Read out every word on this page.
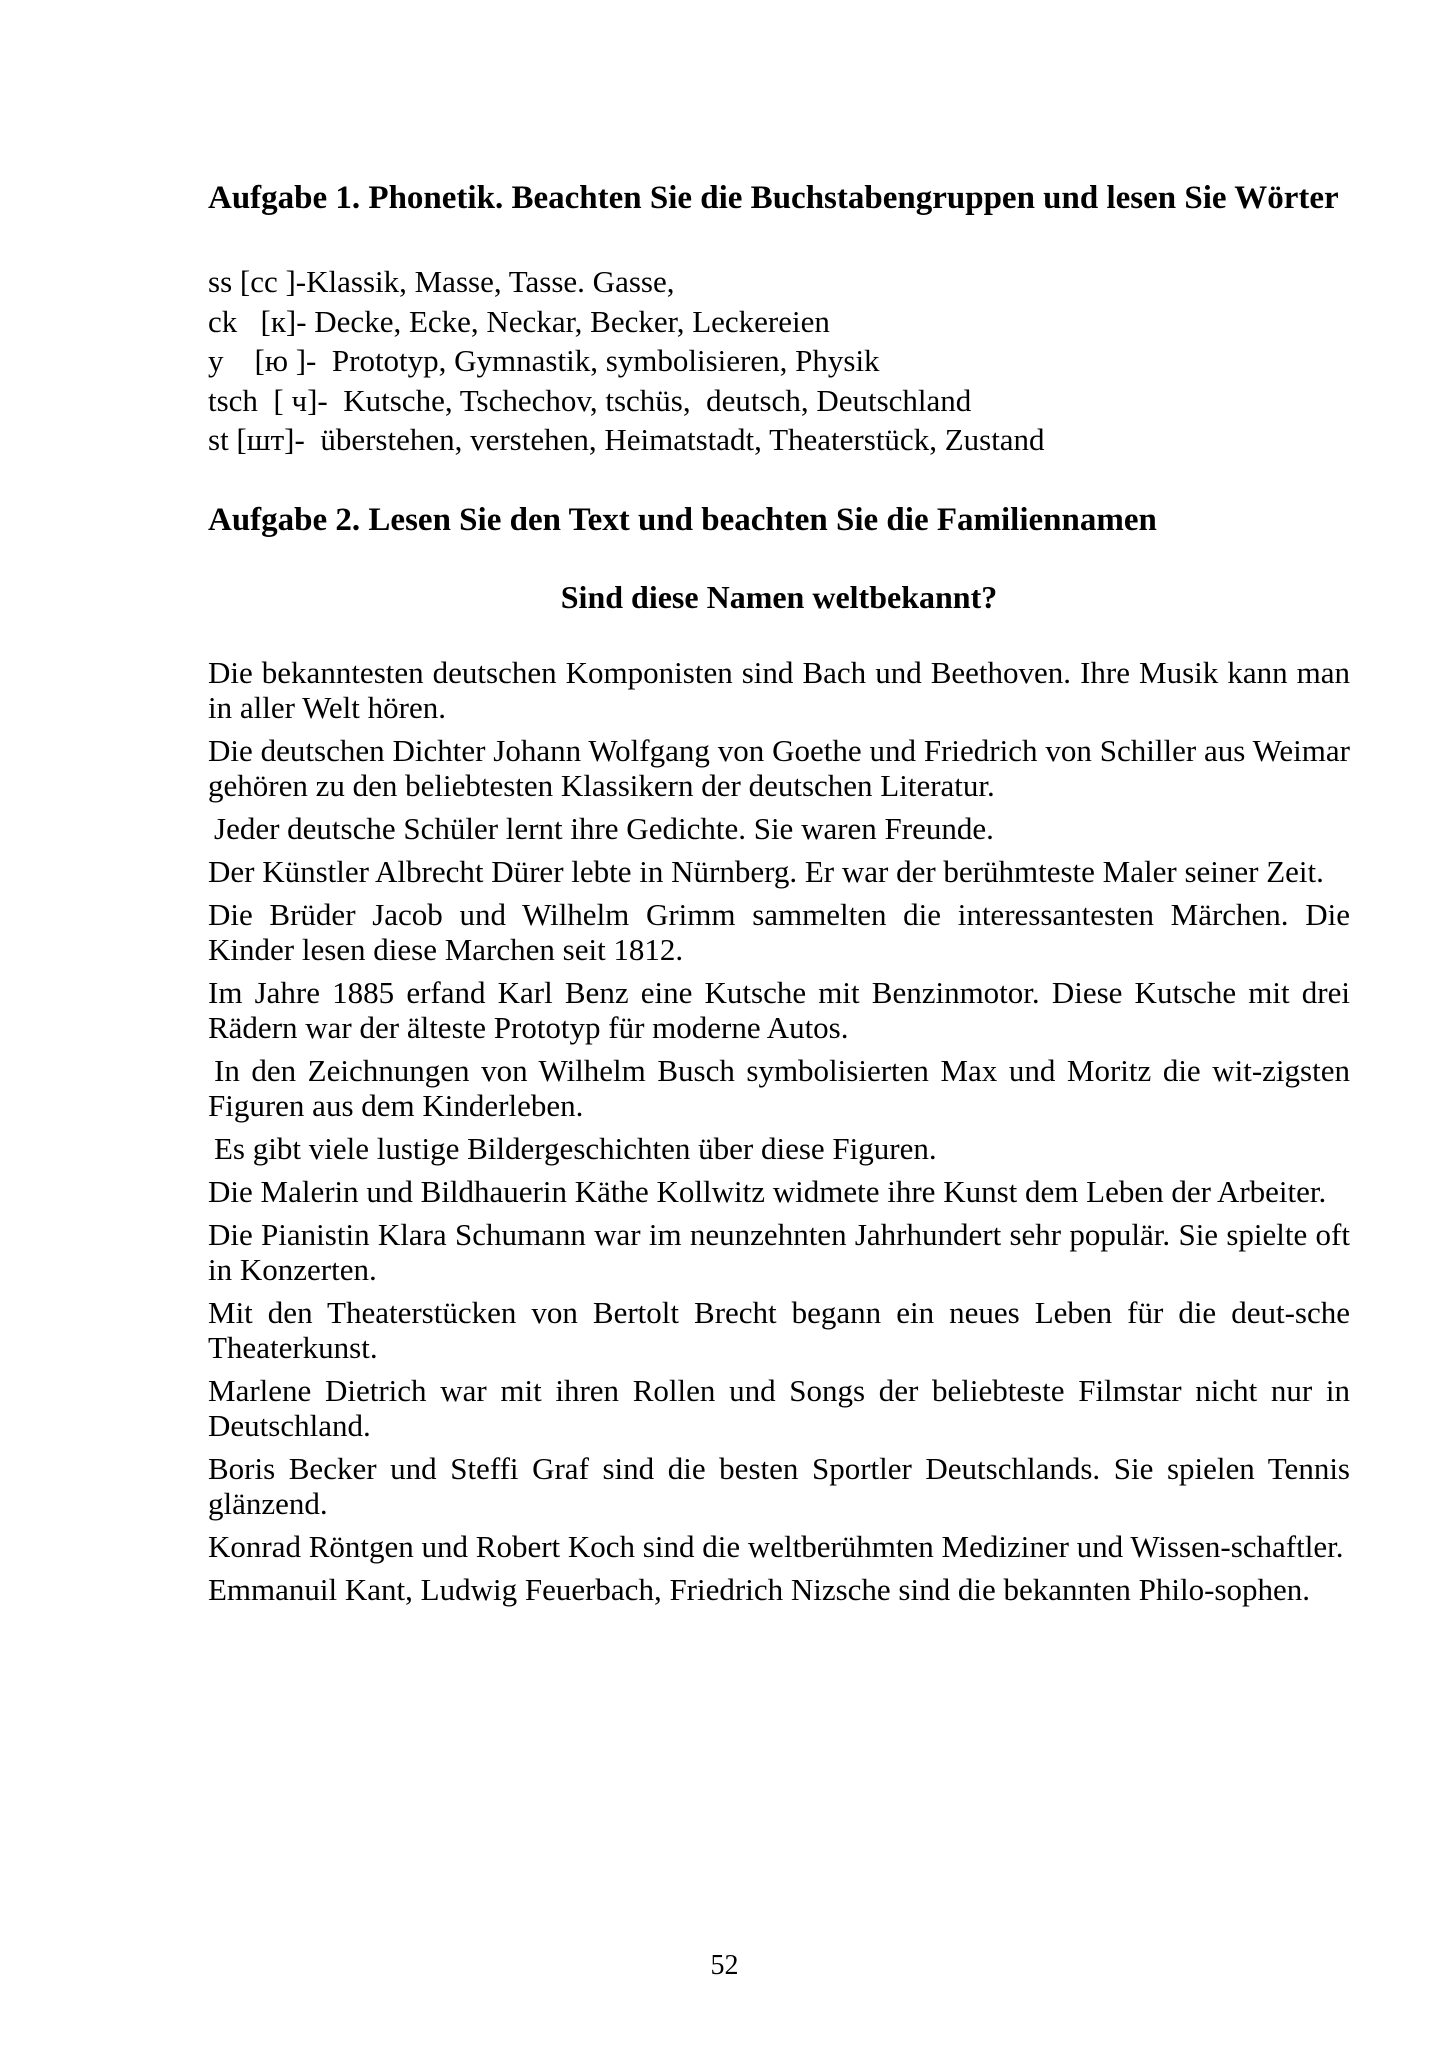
Aufgabe 1. Phonetik. Beachten Sie die Buchstabengruppen und lesen Sie Wörter

ss [cc ]-Klassik, Masse, Tasse. Gasse,

ck   [к]- Decke, Ecke, Neckar, Becker, Leckereien

y    [ю ]-  Prototyp, Gymnastik, symbolisieren, Physik

tsch  [ ч]-  Kutsche, Tschechov, tschüs,  deutsch, Deutschland

st [шт]-  überstehen, verstehen, Heimatstadt, Theaterstück, Zustand

Aufgabe 2. Lesen Sie den Text und beachten Sie die Familiennamen

Sind diese Namen weltbekannt?

Die bekanntesten deutschen Komponisten sind Bach und Beethoven. Ihre Musik kann man in aller Welt hören.

Die deutschen Dichter Johann Wolfgang von Goethe und Friedrich von Schiller aus Weimar gehören zu den beliebtesten Klassikern der deutschen Literatur.

Jeder deutsche Schüler lernt ihre Gedichte. Sie waren Freunde.

Der Künstler Albrecht Dürer lebte in Nürnberg. Er war der berühmteste Maler seiner Zeit.

Die Brüder Jacob und Wilhelm Grimm sammelten die interessantesten Märchen. Die Kinder lesen diese Marchen seit 1812.

Im Jahre 1885 erfand Karl Benz eine Kutsche mit Benzinmotor. Diese Kutsche mit drei Rädern war der älteste Prototyp für moderne Autos.

In den Zeichnungen von Wilhelm Busch symbolisierten Max und Moritz die wit-zigsten Figuren aus dem Kinderleben.

Es gibt viele lustige Bildergeschichten über diese Figuren.

Die Malerin und Bildhauerin Käthe Kollwitz widmete ihre Kunst dem Leben der Arbeiter.

Die Pianistin Klara Schumann war im neunzehnten Jahrhundert sehr populär. Sie spielte oft in Konzerten.

Mit den Theaterstücken von Bertolt Brecht begann ein neues Leben für die deut-sche Theaterkunst.

Marlene Dietrich war mit ihren Rollen und Songs der beliebteste Filmstar nicht nur in Deutschland.

Boris Becker und Steffi Graf sind die besten Sportler Deutschlands. Sie spielen Tennis glänzend.

Konrad Röntgen und Robert Koch sind die weltberühmten Mediziner und Wissen-schaftler.

Emmanuil Kant, Ludwig Feuerbach, Friedrich Nizsche sind die bekannten Philo-sophen.

52
